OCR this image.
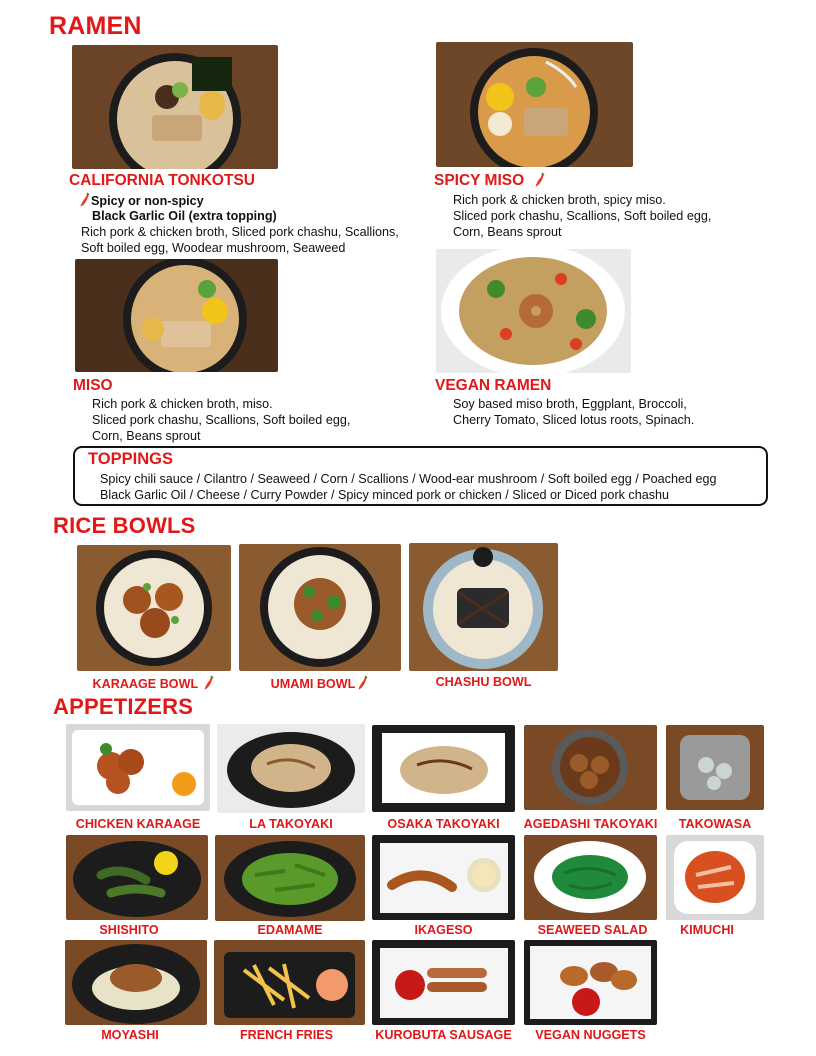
RAMEN
CALIFORNIA TONKOTSU
Spicy or non-spicy
Black Garlic Oil (extra topping)
Rich pork & chicken broth, Sliced pork chashu, Scallions,
Soft boiled egg, Woodear mushroom, Seaweed
SPICY MISO
Rich pork & chicken broth, spicy miso.
Sliced pork chashu, Scallions, Soft boiled egg,
Corn, Beans sprout
MISO
Rich pork & chicken broth, miso.
Sliced pork chashu, Scallions, Soft boiled egg,
Corn, Beans sprout
VEGAN RAMEN
Soy based miso broth, Eggplant, Broccoli,
Cherry Tomato, Sliced lotus roots, Spinach.
TOPPINGS
Spicy chili sauce / Cilantro / Seaweed / Corn / Scallions / Wood-ear mushroom / Soft boiled egg / Poached egg
Black Garlic Oil / Cheese / Curry Powder / Spicy minced pork or chicken / Sliced or Diced pork chashu
RICE BOWLS
KARAAGE BOWL	UMAMI BOWL	CHASHU BOWL
APPETIZERS
CHICKEN KARAAGE	LA TAKOYAKI	OSAKA TAKOYAKI	AGEDASHI TAKOYAKI	TAKOWASA
SHISHITO	EDAMAME	IKAGESO	SEAWEED SALAD	KIMUCHI
MOYASHI	FRENCH FRIES	KUROBUTA SAUSAGE	VEGAN NUGGETS
